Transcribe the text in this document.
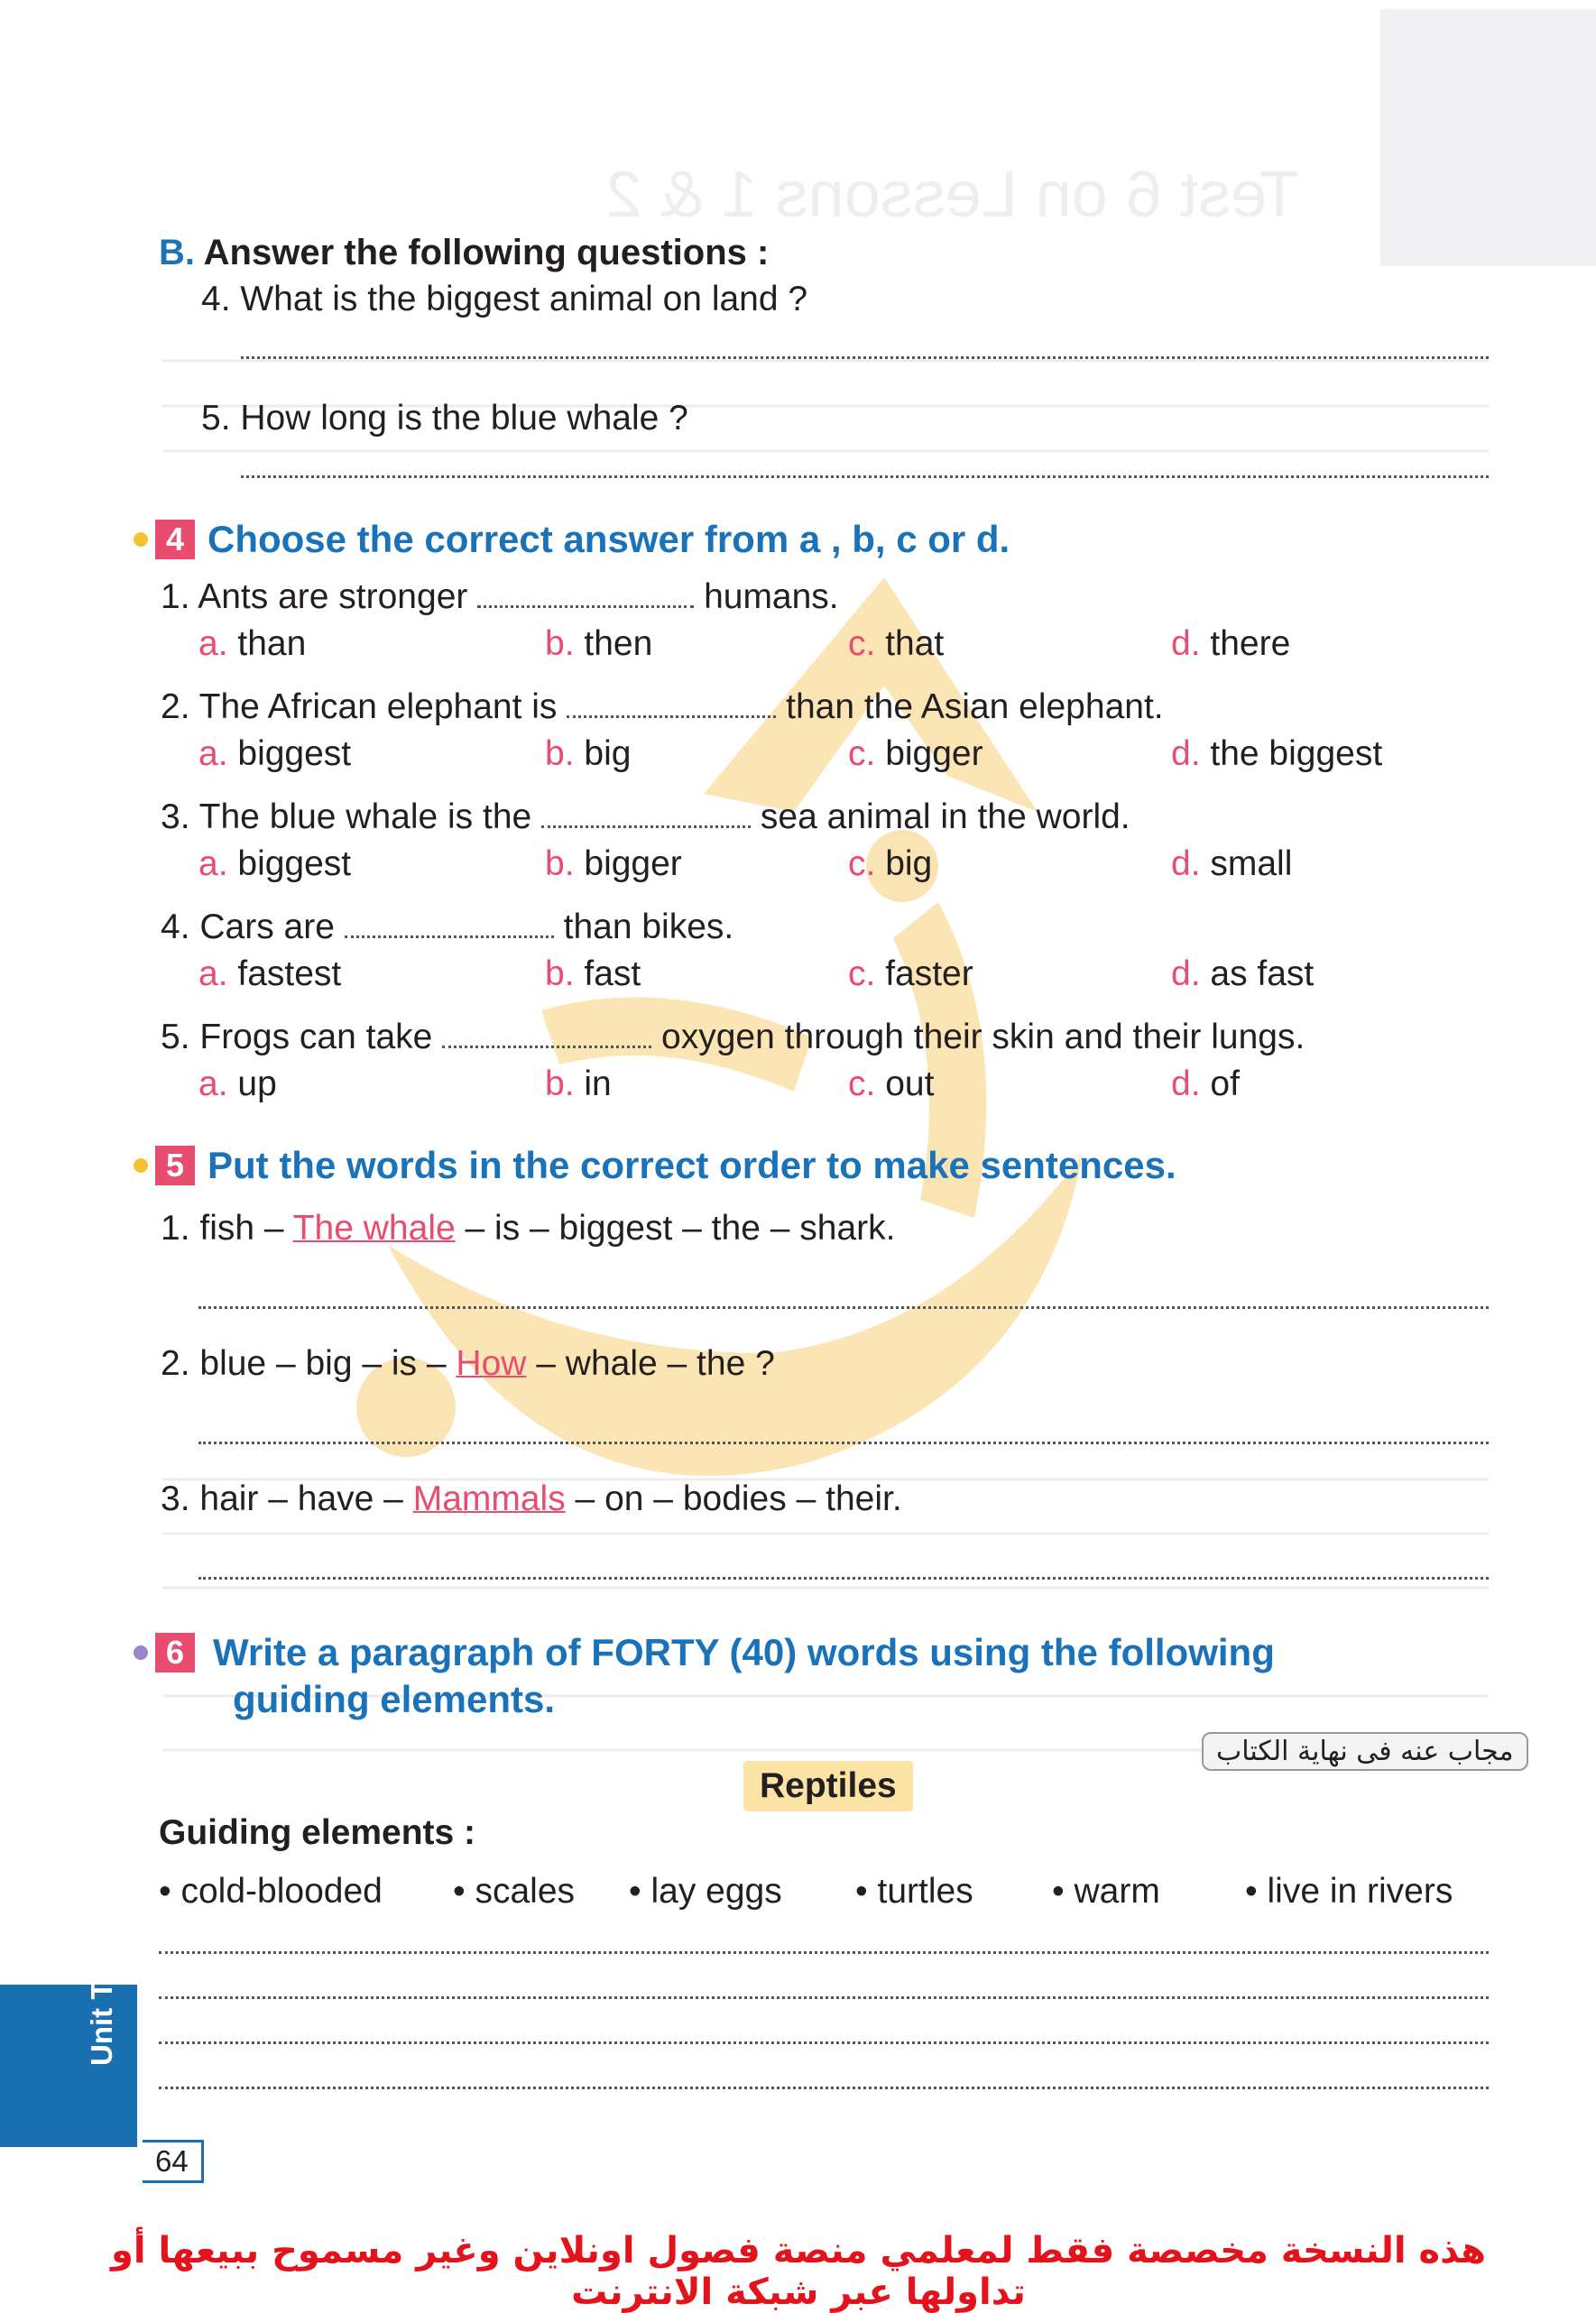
Test 6 on Lessons 1 & 2
B. Answer the following questions :
4. What is the biggest animal on land ?
5. How long is the blue whale ?
4 Choose the correct answer from a , b, c or d.
1. Ants are stronger	humans.
a. than	b. then	c. that	d. there
2. The African elephant is	than the Asian elephant.
a. biggest	b. big	c. bigger	d. the biggest
3. The blue whale is the	sea animal in the world.
a. biggest	b. bigger	c. big	d. small
4. Cars are	than bikes.
a. fastest	b. fast	c. faster	d. as fast
5. Frogs can take	oxygen through their skin and their lungs.
a. up	b. in	c. out	d. of
5 Put the words in the correct order to make sentences.
1. fish – The whale – is – biggest – the – shark.
2. blue – big – is – How – whale – the ?
3. hair – have – Mammals – on – bodies – their.
6 Write a paragraph of FORTY (40) words using the following
guiding elements.
مجاب عنه فى نهاية الكتاب
Reptiles
Guiding elements :
• cold-blooded • scales • lay eggs • turtles • warm • live in rivers
Unit Two
64
هذه النسخة مخصصة فقط لمعلمي منصة فصول اونلاين وغير مسموح ببيعها أو تداولها عبر شبكة الانترنت
